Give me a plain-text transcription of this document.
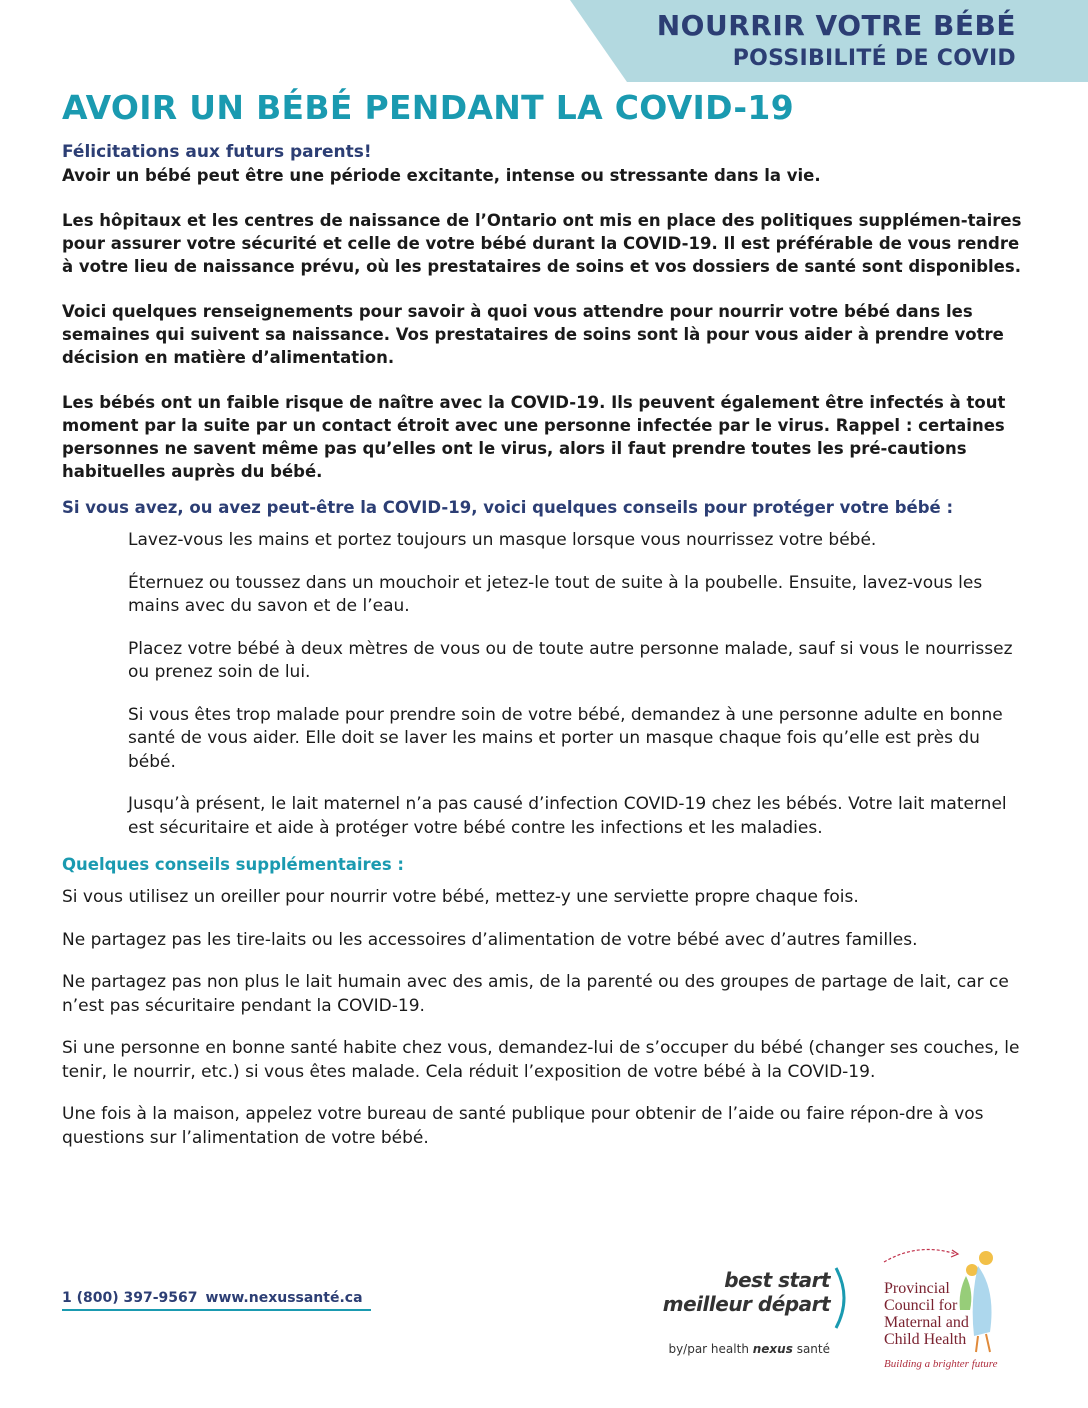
NOURRIR VOTRE BÉBÉ
POSSIBILITÉ DE COVID
AVOIR UN BÉBÉ PENDANT LA COVID-19

Félicitations aux futurs parents!

Avoir un bébé peut être une période excitante, intense ou stressante dans la vie.

Les hôpitaux et les centres de naissance de l’Ontario ont mis en place des politiques supplémen-taires pour assurer votre sécurité et celle de votre bébé durant la COVID-19. Il est préférable de vous rendre à votre lieu de naissance prévu, où les prestataires de soins et vos dossiers de santé sont disponibles.

Voici quelques renseignements pour savoir à quoi vous attendre pour nourrir votre bébé dans les semaines qui suivent sa naissance. Vos prestataires de soins sont là pour vous aider à prendre votre décision en matière d’alimentation.

Les bébés ont un faible risque de naître avec la COVID-19. Ils peuvent également être infectés à tout moment par la suite par un contact étroit avec une personne infectée par le virus. Rappel : certaines personnes ne savent même pas qu’elles ont le virus, alors il faut prendre toutes les pré-cautions habituelles auprès du bébé.

Si vous avez, ou avez peut-être la COVID-19, voici quelques conseils pour protéger votre bébé :

Lavez-vous les mains et portez toujours un masque lorsque vous nourrissez votre bébé.
Éternuez ou toussez dans un mouchoir et jetez-le tout de suite à la poubelle. Ensuite, lavez-vous les mains avec du savon et de l’eau.
Placez votre bébé à deux mètres de vous ou de toute autre personne malade, sauf si vous le nourrissez ou prenez soin de lui.
Si vous êtes trop malade pour prendre soin de votre bébé, demandez à une personne adulte en bonne santé de vous aider. Elle doit se laver les mains et porter un masque chaque fois qu’elle est près du bébé.
Jusqu’à présent, le lait maternel n’a pas causé d’infection COVID-19 chez les bébés. Votre lait maternel est sécuritaire et aide à protéger votre bébé contre les infections et les maladies.

Quelques conseils supplémentaires :

Si vous utilisez un oreiller pour nourrir votre bébé, mettez-y une serviette propre chaque fois.
Ne partagez pas les tire-laits ou les accessoires d’alimentation de votre bébé avec d’autres familles.
Ne partagez pas non plus le lait humain avec des amis, de la parenté ou des groupes de partage de lait, car ce n’est pas sécuritaire pendant la COVID-19.
Si une personne en bonne santé habite chez vous, demandez-lui de s’occuper du bébé (changer ses couches, le tenir, le nourrir, etc.) si vous êtes malade. Cela réduit l’exposition de votre bébé à la COVID-19.
Une fois à la maison, appelez votre bureau de santé publique pour obtenir de l’aide ou faire répon-dre à vos questions sur l’alimentation de votre bébé.
1 (800) 397-9567 www.nexussanté.ca
best start
meilleur départ
by/par health nexus santé
Provincial
Council for
Maternal and
Child Health
Building a brighter future
